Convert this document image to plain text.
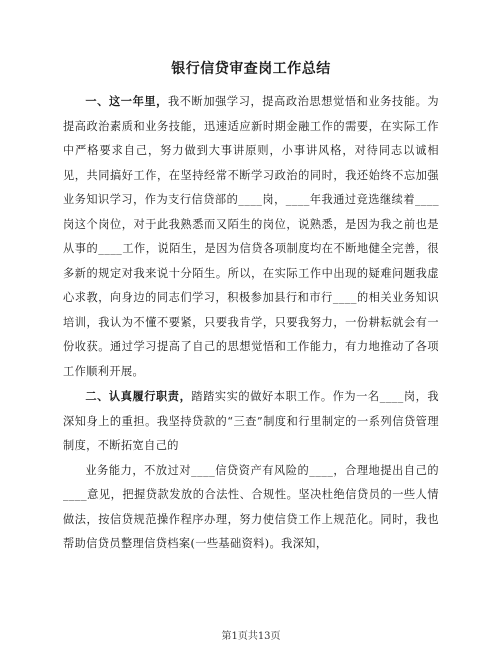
银行信贷审查岗工作总结

一、这一年里，我不断加强学习，提高政治思想觉悟和业务技能。为提高政治素质和业务技能，迅速适应新时期金融工作的需要，在实际工作中严格要求自己，努力做到大事讲原则，小事讲风格，对待同志以诚相见，共同搞好工作，在坚持经常不断学习政治的同时，我还始终不忘加强业务知识学习，作为支行信贷部的____岗，____年我通过竞选继续着____岗这个岗位，对于此我熟悉而又陌生的岗位，说熟悉，是因为我之前也是从事的____工作，说陌生，是因为信贷各项制度均在不断地健全完善，很多新的规定对我来说十分陌生。所以，在实际工作中出现的疑难问题我虚心求教，向身边的同志们学习，积极参加县行和市行____的相关业务知识培训，我认为不懂不要紧，只要我肯学，只要我努力，一份耕耘就会有一份收获。通过学习提高了自己的思想觉悟和工作能力，有力地推动了各项工作顺利开展。

二、认真履行职责，踏踏实实的做好本职工作。作为一名____岗，我深知身上的重担。我坚持贷款的“三查”制度和行里制定的一系列信贷管理制度，不断拓宽自己的

业务能力，不放过对____信贷资产有风险的____，合理地提出自己的____意见，把握贷款发放的合法性、合规性。坚决杜绝信贷员的一些人情做法，按信贷规范操作程序办理，努力使信贷工作上规范化。同时，我也帮助信贷员整理信贷档案(一些基础资料)。我深知，

第1页共13页
